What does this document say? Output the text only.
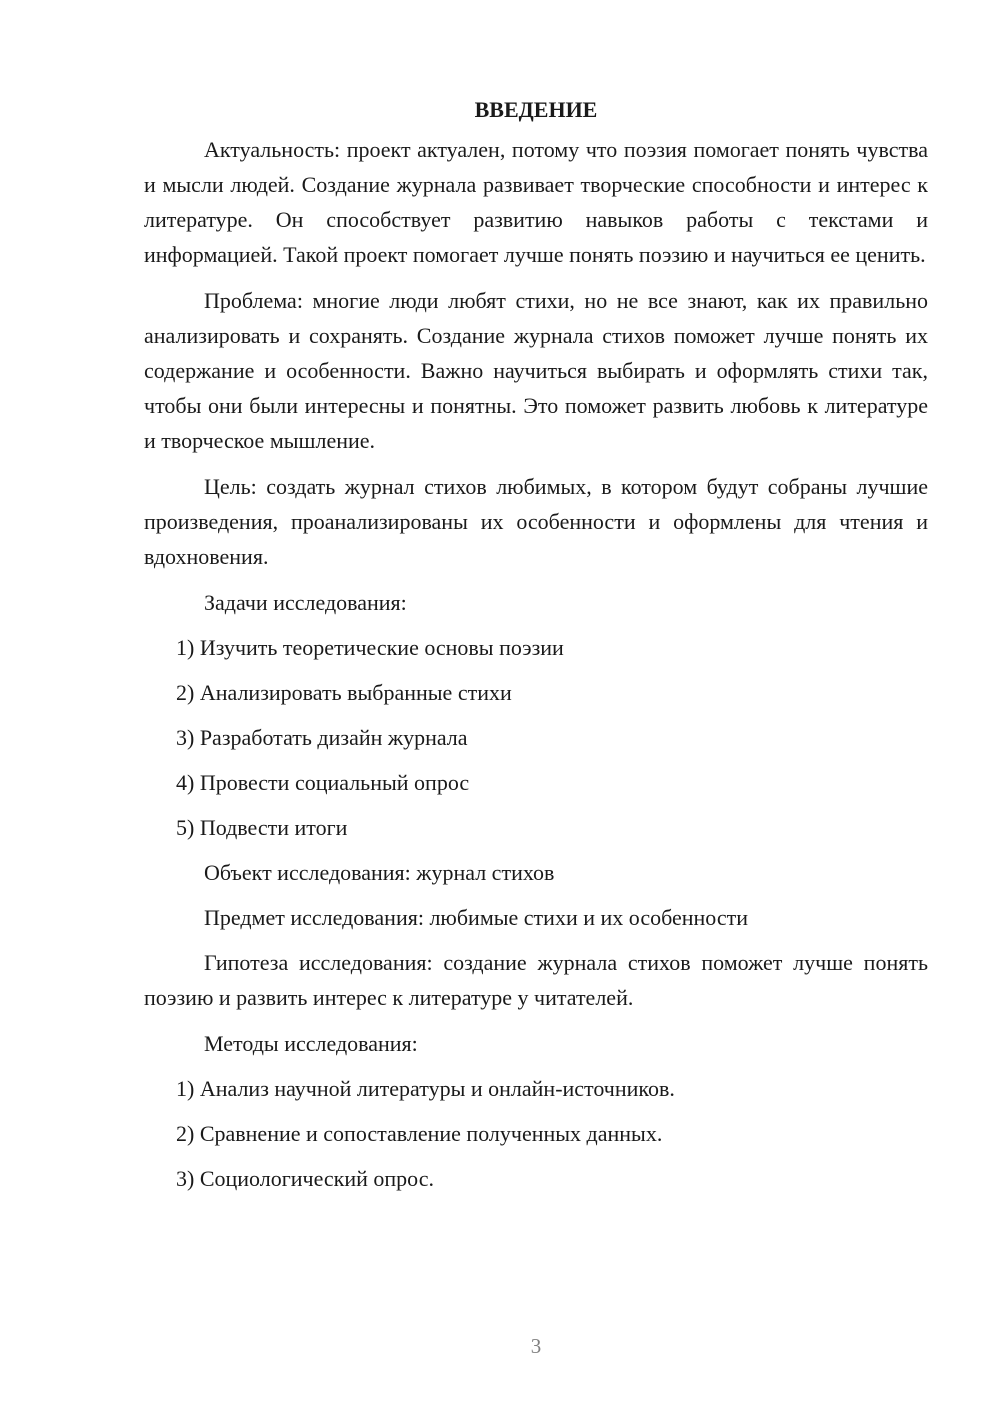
ВВЕДЕНИЕ

Актуальность: проект актуален, потому что поэзия помогает понять чувства и мысли людей. Создание журнала развивает творческие способности и интерес к литературе. Он способствует развитию навыков работы с текстами и информацией. Такой проект помогает лучше понять поэзию и научиться ее ценить.

Проблема: многие люди любят стихи, но не все знают, как их правильно анализировать и сохранять. Создание журнала стихов поможет лучше понять их содержание и особенности. Важно научиться выбирать и оформлять стихи так, чтобы они были интересны и понятны. Это поможет развить любовь к литературе и творческое мышление.

Цель: создать журнал стихов любимых, в котором будут собраны лучшие произведения, проанализированы их особенности и оформлены для чтения и вдохновения.

Задачи исследования:
1) Изучить теоретические основы поэзии
2) Анализировать выбранные стихи
3) Разработать дизайн журнала
4) Провести социальный опрос
5) Подвести итоги
Объект исследования: журнал стихов
Предмет исследования: любимые стихи и их особенности

Гипотеза исследования: создание журнала стихов поможет лучше понять поэзию и развить интерес к литературе у читателей.

Методы исследования:
1) Анализ научной литературы и онлайн-источников.
2) Сравнение и сопоставление полученных данных.
3) Социологический опрос.
3
